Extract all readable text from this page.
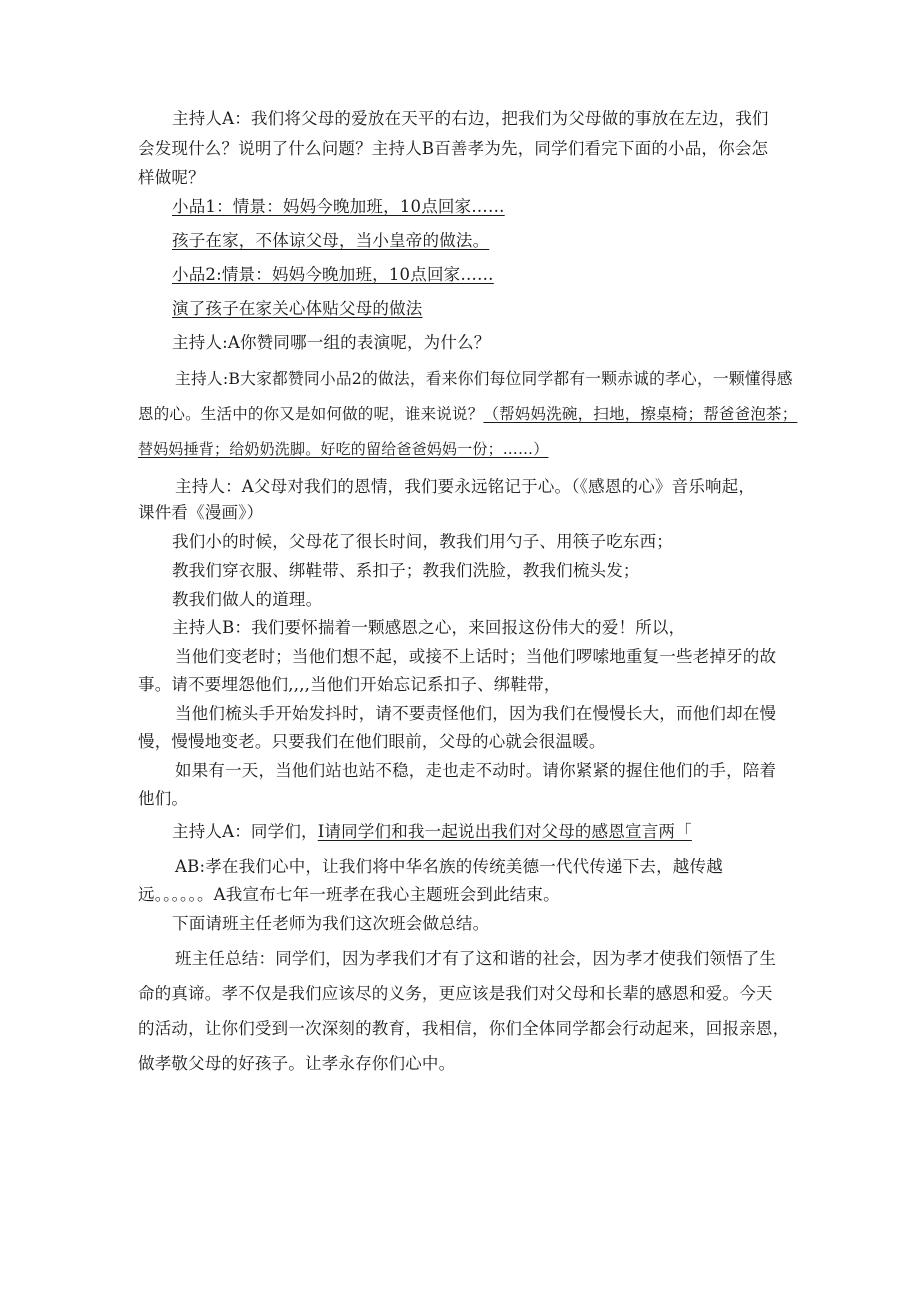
主持人A：我们将父母的爱放在天平的右边，把我们为父母做的事放在左边，我们
会发现什么？说明了什么问题？主持人B百善孝为先，同学们看完下面的小品，你会怎
样做呢？
小品1：情景：妈妈今晚加班，10点回家……
孩子在家，不体谅父母，当小皇帝的做法。
小品2:情景：妈妈今晚加班，10点回家……
演了孩子在家关心体贴父母的做法
主持人:A你赞同哪一组的表演呢，为什么？
主持人:B大家都赞同小品2的做法，看来你们每位同学都有一颗赤诚的孝心，一颗懂得感
恩的心。生活中的你又是如何做的呢，谁来说说？（帮妈妈洗碗，扫地，擦桌椅；帮爸爸泡茶；
替妈妈捶背；给奶奶洗脚。好吃的留给爸爸妈妈一份；……）
主持人：A父母对我们的恩情，我们要永远铭记于心。（《感恩的心》音乐响起，
课件看《漫画》）
我们小的时候，父母花了很长时间，教我们用勺子、用筷子吃东西；
教我们穿衣服、绑鞋带、系扣子；教我们洗脸，教我们梳头发；
教我们做人的道理。
主持人B：我们要怀揣着一颗感恩之心，来回报这份伟大的爱！所以，
当他们变老时；当他们想不起，或接不上话时；当他们啰嗦地重复一些老掉牙的故
事。请不要埋怨他们,,,,当他们开始忘记系扣子、绑鞋带，
当他们梳头手开始发抖时，请不要责怪他们，因为我们在慢慢长大，而他们却在慢
慢，慢慢地变老。只要我们在他们眼前，父母的心就会很温暖。
如果有一天，当他们站也站不稳，走也走不动时。请你紧紧的握住他们的手，陪着
他们。
主持人A：同学们，I请同学们和我一起说出我们对父母的感恩宣言两「
AB:孝在我们心中，让我们将中华名族的传统美德一代代传递下去，越传越
远。。。。。。A我宣布七年一班孝在我心主题班会到此结束。
下面请班主任老师为我们这次班会做总结。
班主任总结：同学们，因为孝我们才有了这和谐的社会，因为孝才使我们领悟了生
命的真谛。孝不仅是我们应该尽的义务，更应该是我们对父母和长辈的感恩和爱。今天
的活动，让你们受到一次深刻的教育，我相信，你们全体同学都会行动起来，回报亲恩，
做孝敬父母的好孩子。让孝永存你们心中。
